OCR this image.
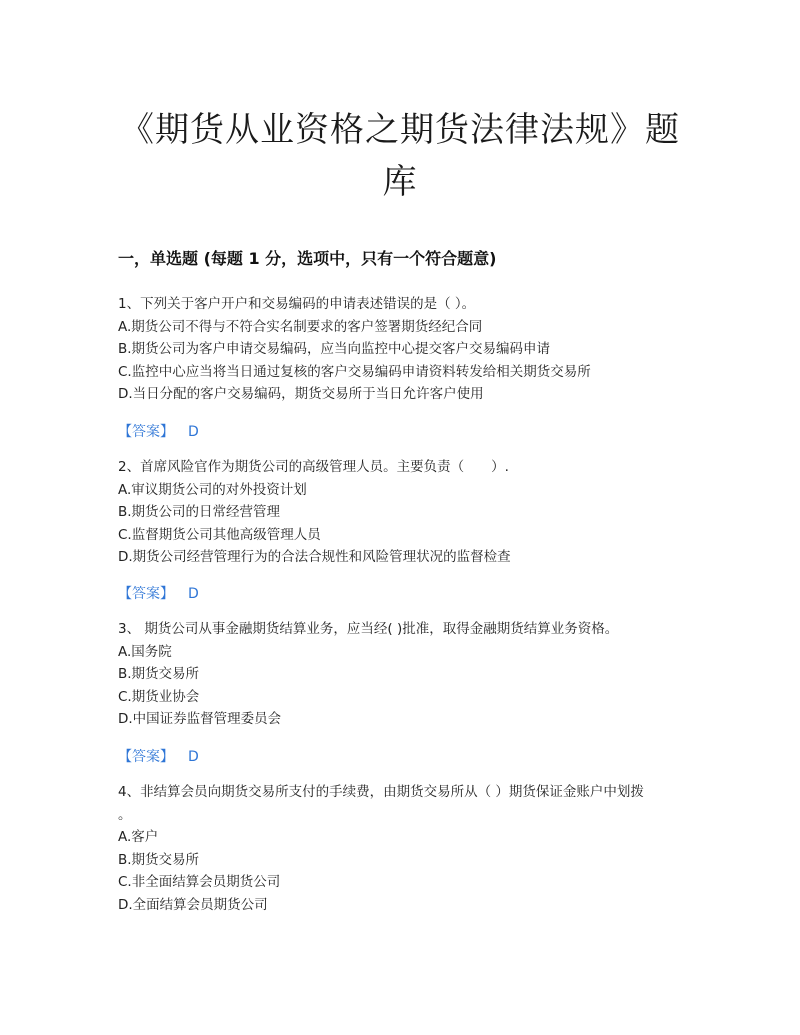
《期货从业资格之期货法律法规》题
库
一，单选题 (每题 1 分，选项中，只有一个符合题意)
1、下列关于客户开户和交易编码的申请表述错误的是（ ）。
A.期货公司不得与不符合实名制要求的客户签署期货经纪合同
B.期货公司为客户申请交易编码，应当向监控中心提交客户交易编码申请
C.监控中心应当将当日通过复核的客户交易编码申请资料转发给相关期货交易所
D.当日分配的客户交易编码，期货交易所于当日允许客户使用
【答案】 D
2、首席风险官作为期货公司的高级管理人员。主要负责（　　）.
A.审议期货公司的对外投资计划
B.期货公司的日常经营管理
C.监督期货公司其他高级管理人员
D.期货公司经营管理行为的合法合规性和风险管理状况的监督检查
【答案】 D
3、 期货公司从事金融期货结算业务，应当经( )批准，取得金融期货结算业务资格。
A.国务院
B.期货交易所
C.期货业协会
D.中国证券监督管理委员会
【答案】 D
4、非结算会员向期货交易所支付的手续费，由期货交易所从（ ）期货保证金账户中划拨
。
A.客户
B.期货交易所
C.非全面结算会员期货公司
D.全面结算会员期货公司
